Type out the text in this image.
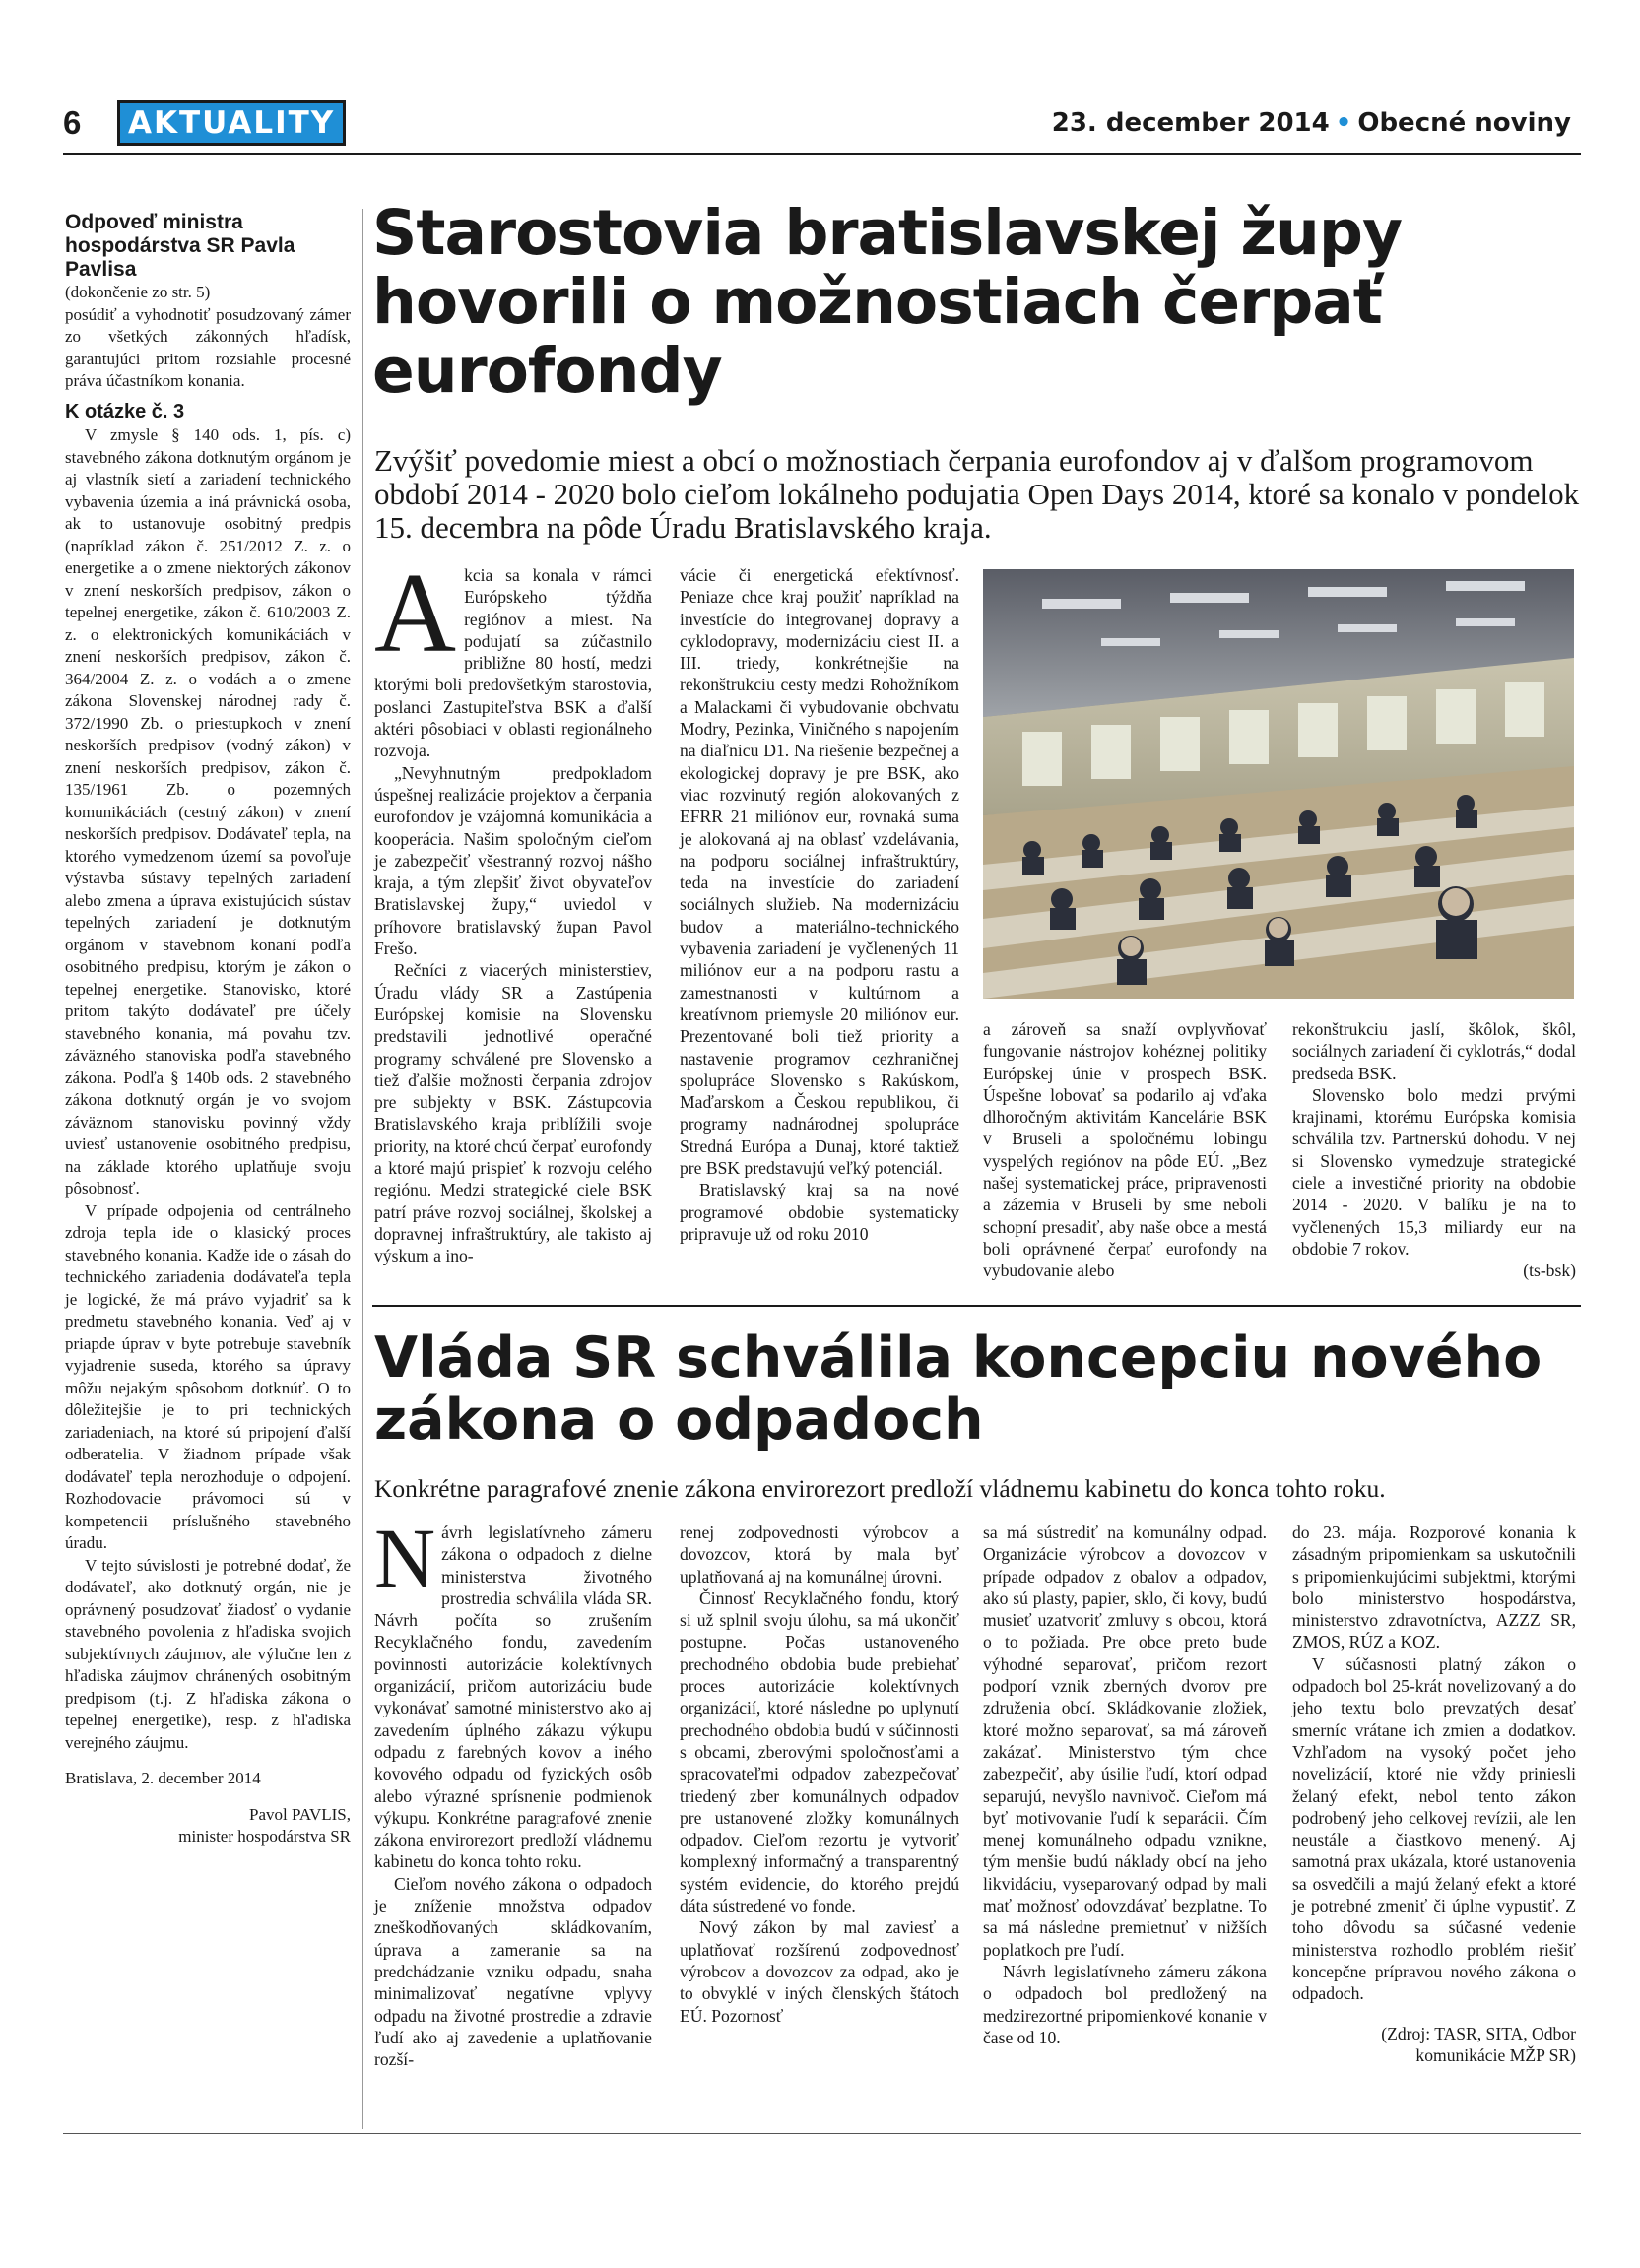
6	AKTUALITY	23. december 2014 • Obecné noviny
Odpoveď ministra hospodárstva SR Pavla Pavlisa

(dokončenie zo str. 5)

posúdiť a vyhodnotiť posudzovaný zámer zo všetkých zákonných hľadísk, garantujúci pritom rozsiahle procesné práva účastníkom konania.

K otázke č. 3

V zmysle § 140 ods. 1, pís. c) stavebného zákona dotknutým orgánom je aj vlastník sietí a zariadení technického vybavenia územia a iná právnická osoba, ak to ustanovuje osobitný predpis (napríklad zákon č. 251/2012 Z. z. o energetike a o zmene niektorých zákonov v znení neskorších predpisov, zákon o tepelnej energetike, zákon č. 610/2003 Z. z. o elektronických komunikáciách v znení neskorších predpisov, zákon č. 364/2004 Z. z. o vodách a o zmene zákona Slovenskej národnej rady č. 372/1990 Zb. o priestupkoch v znení neskorších predpisov (vodný zákon) v znení neskorších predpisov, zákon č. 135/1961 Zb. o pozemných komunikáciách (cestný zákon) v znení neskorších predpisov. Dodávateľ tepla, na ktorého vymedzenom území sa povoľuje výstavba sústavy tepelných zariadení alebo zmena a úprava existujúcich sústav tepelných zariadení je dotknutým orgánom v stavebnom konaní podľa osobitného predpisu, ktorým je zákon o tepelnej energetike. Stanovisko, ktoré pritom takýto dodávateľ pre účely stavebného konania, má povahu tzv. záväzného stanoviska podľa stavebného zákona. Podľa § 140b ods. 2 stavebného zákona dotknutý orgán je vo svojom záväznom stanovisku povinný vždy uviesť ustanovenie osobitného predpisu, na základe ktorého uplatňuje svoju pôsobnosť.

V prípade odpojenia od centrálneho zdroja tepla ide o klasický proces stavebného konania. Kadže ide o zásah do technického zariadenia dodávateľa tepla je logické, že má právo vyjadriť sa k predmetu stavebného konania. Veď aj v priapde úprav v byte potrebuje stavebník vyjadrenie suseda, ktorého sa úpravy môžu nejakým spôsobom dotknúť. O to dôležitejšie je to pri technických zariadeniach, na ktoré sú pripojení ďalší odberatelia. V žiadnom prípade však dodávateľ tepla nerozhoduje o odpojení. Rozhodovacie právomoci sú v kompetencii príslušného stavebného úradu.

V tejto súvislosti je potrebné dodať, že dodávateľ, ako dotknutý orgán, nie je oprávnený posudzovať žiadosť o vydanie stavebného povolenia z hľadiska svojich subjektívnych záujmov, ale výlučne len z hľadiska záujmov chránených osobitným predpisom (t.j. Z hľadiska zákona o tepelnej energetike), resp. z hľadiska verejného záujmu.

Bratislava, 2. december 2014

Pavol PAVLIS,

minister hospodárstva SR

Starostovia bratislavskej župy hovorili o možnostiach čerpať eurofondy
Zvýšiť povedomie miest a obcí o možnostiach čerpania eurofondov aj v ďalšom programovom období 2014 - 2020 bolo cieľom lokálneho podujatia Open Days 2014, ktoré sa konalo v pondelok 15. decembra na pôde Úradu Bratislavského kraja.

Akcia sa konala v rámci Európskeho týždňa regiónov a miest. Na podujatí sa zúčastnilo približne 80 hostí, medzi ktorými boli predovšetkým starostovia, poslanci Zastupiteľstva BSK a ďalší aktéri pôsobiaci v oblasti regionálneho rozvoja.

„Nevyhnutným predpokladom úspešnej realizácie projektov a čerpania eurofondov je vzájomná komunikácia a kooperácia. Našim spoločným cieľom je zabezpečiť všestranný rozvoj nášho kraja, a tým zlepšiť život obyvateľov Bratislavskej župy,“ uviedol v príhovore bratislavský župan Pavol Frešo.

Rečníci z viacerých ministerstiev, Úradu vlády SR a Zastúpenia Európskej komisie na Slovensku predstavili jednotlivé operačné programy schválené pre Slovensko a tiež ďalšie možnosti čerpania zdrojov pre subjekty v BSK. Zástupcovia Bratislavského kraja priblížili svoje priority, na ktoré chcú čerpať eurofondy a ktoré majú prispieť k rozvoju celého regiónu. Medzi strategické ciele BSK patrí práve rozvoj sociálnej, školskej a dopravnej infraštruktúry, ale takisto aj výskum a ino-

vácie či energetická efektívnosť. Peniaze chce kraj použiť napríklad na investície do integrovanej dopravy a cyklodopravy, modernizáciu ciest II. a III. triedy, konkrétnejšie na rekonštrukciu cesty medzi Rohožníkom a Malackami či vybudovanie obchvatu Modry, Pezinka, Viničného s napojením na diaľnicu D1. Na riešenie bezpečnej a ekologickej dopravy je pre BSK, ako viac rozvinutý región alokovaných z EFRR 21 miliónov eur, rovnaká suma je alokovaná aj na oblasť vzdelávania, na podporu sociálnej infraštruktúry, teda na investície do zariadení sociálnych služieb. Na modernizáciu budov a materiálno-technického vybavenia zariadení je vyčlenených 11 miliónov eur a na podporu rastu a zamestnanosti v kultúrnom a kreatívnom priemysle 20 miliónov eur. Prezentované boli tiež priority a nastavenie programov cezhraničnej spolupráce Slovensko s Rakúskom, Maďarskom a Českou republikou, či programy nadnárodnej spolupráce Stredná Európa a Dunaj, ktoré taktiež pre BSK predstavujú veľký potenciál.

Bratislavský kraj sa na nové programové obdobie systematicky pripravuje už od roku 2010

a zároveň sa snaží ovplyvňovať fungovanie nástrojov kohéznej politiky Európskej únie v prospech BSK. Úspešne lobovať sa podarilo aj vďaka dlhoročným aktivitám Kancelárie BSK v Bruseli a spoločnému lobingu vyspelých regiónov na pôde EÚ. „Bez našej systematickej práce, pripravenosti a zázemia v Bruseli by sme neboli schopní presadiť, aby naše obce a mestá boli oprávnené čerpať eurofondy na vybudovanie alebo

rekonštrukciu jaslí, škôlok, škôl, sociálnych zariadení či cyklotrás,“ dodal predseda BSK.

Slovensko bolo medzi prvými krajinami, ktorému Európska komisia schválila tzv. Partnerskú dohodu. V nej si Slovensko vymedzuje strategické ciele a investičné priority na obdobie 2014 - 2020. V balíku je na to vyčlenených 15,3 miliardy eur na obdobie 7 rokov.

(ts-bsk)

Vláda SR schválila koncepciu nového zákona o odpadoch
Konkrétne paragrafové znenie zákona envirorezort predloží vládnemu kabinetu do konca tohto roku.

Návrh legislatívneho zámeru zákona o odpadoch z dielne ministerstva životného prostredia schválila vláda SR. Návrh počíta so zrušením Recyklačného fondu, zavedením povinnosti autorizácie kolektívnych organizácií, pričom autorizáciu bude vykonávať samotné ministerstvo ako aj zavedením úplného zákazu výkupu odpadu z farebných kovov a iného kovového odpadu od fyzických osôb alebo výrazné sprísnenie podmienok výkupu. Konkrétne paragrafové znenie zákona envirorezort predloží vládnemu kabinetu do konca tohto roku.

Cieľom nového zákona o odpadoch je zníženie množstva odpadov zneškodňovaných skládkovaním, úprava a zameranie sa na predchádzanie vzniku odpadu, snaha minimalizovať negatívne vplyvy odpadu na životné prostredie a zdravie ľudí ako aj zavedenie a uplatňovanie rozší-

renej zodpovednosti výrobcov a dovozcov, ktorá by mala byť uplatňovaná aj na komunálnej úrovni.

Činnosť Recyklačného fondu, ktorý si už splnil svoju úlohu, sa má ukončiť postupne. Počas ustanoveného prechodného obdobia bude prebiehať proces autorizácie kolektívnych organizácií, ktoré následne po uplynutí prechodného obdobia budú v súčinnosti s obcami, zberovými spoločnosťami a spracovateľmi odpadov zabezpečovať triedený zber komunálnych odpadov pre ustanovené zložky komunálnych odpadov. Cieľom rezortu je vytvoriť komplexný informačný a transparentný systém evidencie, do ktorého prejdú dáta sústredené vo fonde.

Nový zákon by mal zaviesť a uplatňovať rozšírenú zodpovednosť výrobcov a dovozcov za odpad, ako je to obvyklé v iných členských štátoch EÚ. Pozornosť

sa má sústrediť na komunálny odpad. Organizácie výrobcov a dovozcov v prípade odpadov z obalov a odpadov, ako sú plasty, papier, sklo, či kovy, budú musieť uzatvoriť zmluvy s obcou, ktorá o to požiada. Pre obce preto bude výhodné separovať, pričom rezort podporí vznik zberných dvorov pre združenia obcí. Skládkovanie zložiek, ktoré možno separovať, sa má zároveň zakázať. Ministerstvo tým chce zabezpečiť, aby úsilie ľudí, ktorí odpad separujú, nevyšlo navnivoč. Cieľom má byť motivovanie ľudí k separácii. Čím menej komunálneho odpadu vznikne, tým menšie budú náklady obcí na jeho likvidáciu, vyseparovaný odpad by mali mať možnosť odovzdávať bezplatne. To sa má následne premietnuť v nižších poplatkoch pre ľudí.

Návrh legislatívneho zámeru zákona o odpadoch bol predložený na medzirezortné pripomienkové konanie v čase od 10.

do 23. mája. Rozporové konania k zásadným pripomienkam sa uskutočnili s pripomienkujúcimi subjektmi, ktorými bolo ministerstvo hospodárstva, ministerstvo zdravotníctva, AZZZ SR, ZMOS, RÚZ a KOZ.

V súčasnosti platný zákon o odpadoch bol 25-krát novelizovaný a do jeho textu bolo prevzatých desať smerníc vrátane ich zmien a dodatkov. Vzhľadom na vysoký počet jeho novelizácií, ktoré nie vždy priniesli želaný efekt, nebol tento zákon podrobený jeho celkovej revízii, ale len neustále a čiastkovo menený. Aj samotná prax ukázala, ktoré ustanovenia sa osvedčili a majú želaný efekt a ktoré je potrebné zmeniť či úplne vypustiť. Z toho dôvodu sa súčasné vedenie ministerstva rozhodlo problém riešiť koncepčne prípravou nového zákona o odpadoch.

(Zdroj: TASR, SITA, Odbor komunikácie MŽP SR)
